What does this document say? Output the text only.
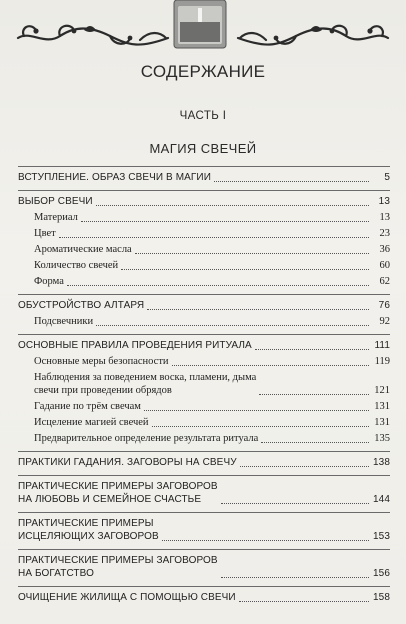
СОДЕРЖАНИЕ
ЧАСТЬ I
МАГИЯ СВЕЧЕЙ
ВСТУПЛЕНИЕ. ОБРАЗ СВЕЧИ В МАГИИ	5
ВЫБОР СВЕЧИ	13
Материал	13
Цвет	23
Ароматические масла	36
Количество свечей	60
Форма	62
ОБУСТРОЙСТВО АЛТАРЯ	76
Подсвечники	92
ОСНОВНЫЕ ПРАВИЛА ПРОВЕДЕНИЯ РИТУАЛА	111
Основные меры безопасности	119
Наблюдения за поведением воска, пламени, дыма
свечи при проведении обрядов	121
Гадание по трём свечам	131
Исцеление магией свечей	131
Предварительное определение результата ритуала	135
ПРАКТИКИ ГАДАНИЯ. ЗАГОВОРЫ НА СВЕЧУ	138
ПРАКТИЧЕСКИЕ ПРИМЕРЫ ЗАГОВОРОВ
НА ЛЮБОВЬ И СЕМЕЙНОЕ СЧАСТЬЕ	144
ПРАКТИЧЕСКИЕ ПРИМЕРЫ
ИСЦЕЛЯЮЩИХ ЗАГОВОРОВ	153
ПРАКТИЧЕСКИЕ ПРИМЕРЫ ЗАГОВОРОВ
НА БОГАТСТВО	156
ОЧИЩЕНИЕ ЖИЛИЩА С ПОМОЩЬЮ СВЕЧИ	158
